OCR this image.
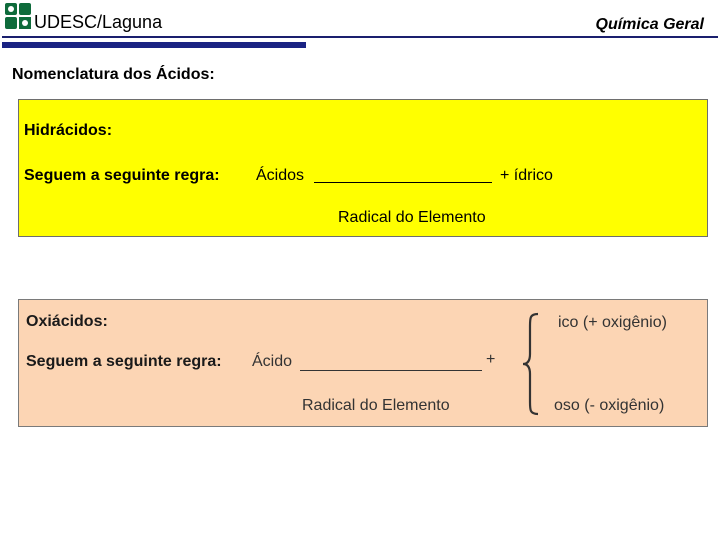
UDESC/Laguna	Química Geral
Nomenclatura dos Ácidos:
Hidrácidos:
Seguem a seguinte regra: Ácidos	+ ídrico
Radical do Elemento
Oxiácidos:
Seguem a seguinte regra: Ácido	+
Radical do Elemento
ico (+ oxigênio)
oso (- oxigênio)
